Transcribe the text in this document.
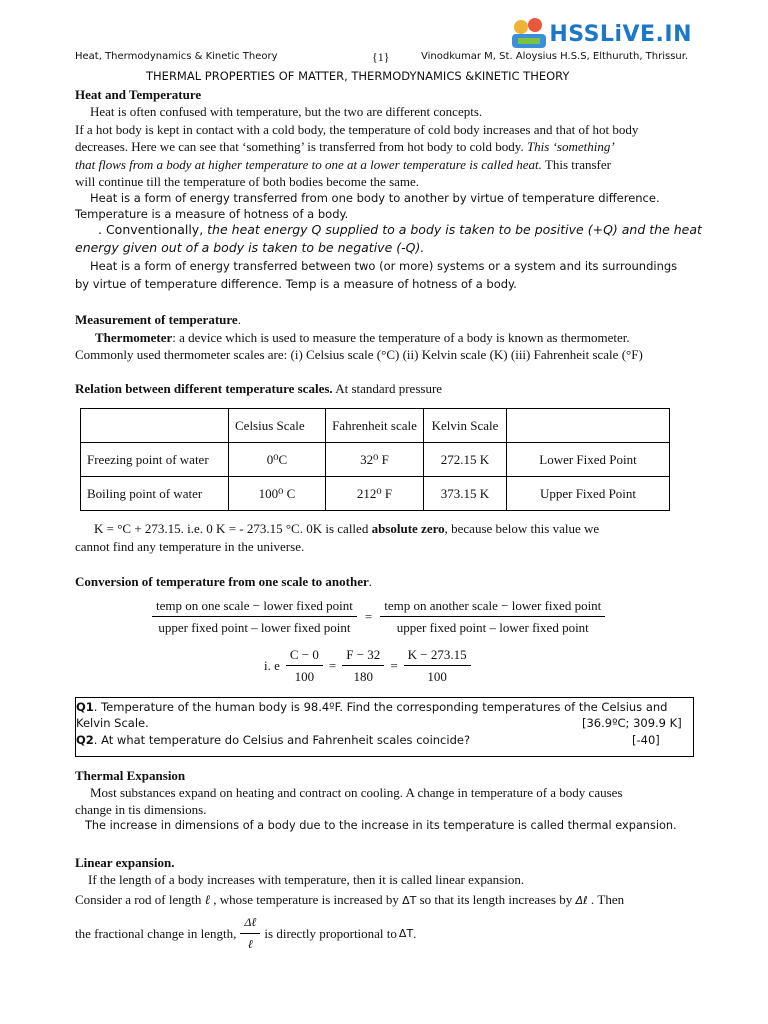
HSSLiVE.IN
Heat, Thermodynamics & Kinetic Theory	{1}	Vinodkumar M, St. Aloysius H.S.S, Elthuruth, Thrissur.
THERMAL PROPERTIES OF MATTER, THERMODYNAMICS &KINETIC THEORY
Heat and Temperature
Heat is often confused with temperature, but the two are different concepts.
If a hot body is kept in contact with a cold body, the temperature of cold body increases and that of hot body
decreases. Here we can see that ‘something’ is transferred from hot body to cold body. This ‘something’
that flows from a body at higher temperature to one at a lower temperature is called heat. This transfer
will continue till the temperature of both bodies become the same.
Heat is a form of energy transferred from one body to another by virtue of temperature difference.
Temperature is a measure of hotness of a body.
. Conventionally, the heat energy Q supplied to a body is taken to be positive (+Q) and the heat
energy given out of a body is taken to be negative (-Q).
Heat is a form of energy transferred between two (or more) systems or a system and its surroundings
by virtue of temperature difference. Temp is a measure of hotness of a body.
Measurement of temperature.
Thermometer: a device which is used to measure the temperature of a body is known as thermometer.
Commonly used thermometer scales are: (i) Celsius scale (°C) (ii) Kelvin scale (K) (iii) Fahrenheit scale (°F)
Relation between different temperature scales. At standard pressure
	Celsius Scale	Fahrenheit scale	Kelvin Scale	
Freezing point of water	0⁰C	32⁰ F	272.15 K	Lower Fixed Point
Boiling point of water	100⁰ C	212⁰ F	373.15 K	Upper Fixed Point
K = °C + 273.15. i.e. 0 K = - 273.15 °C. 0K is called absolute zero, because below this value we
cannot find any temperature in the universe.
Conversion of temperature from one scale to another.
$\frac{\text{temp on one scale − lower fixed point}}{\text{upper fixed point – lower fixed point}} = \frac{\text{temp on another scale − lower fixed point}}{\text{upper fixed point – lower fixed point}}$
i. e $\frac{C - 0}{100} = \frac{F - 32}{180} = \frac{K - 273.15}{100}$
Q1. Temperature of the human body is 98.4ºF. Find the corresponding temperatures of the Celsius and
Kelvin Scale.	[36.9ºC; 309.9 K]
Q2. At what temperature do Celsius and Fahrenheit scales coincide?	[-40]
Thermal Expansion
Most substances expand on heating and contract on cooling. A change in temperature of a body causes
change in tis dimensions.
The increase in dimensions of a body due to the increase in its temperature is called thermal expansion.
Linear expansion.
If the length of a body increases with temperature, then it is called linear expansion.
Consider a rod of length ℓ , whose temperature is increased by ΔT so that its length increases by Δℓ . Then
the fractional change in length, $\frac{\text{Δℓ}}{\text{ℓ}}$ is directly proportional to ΔT .
